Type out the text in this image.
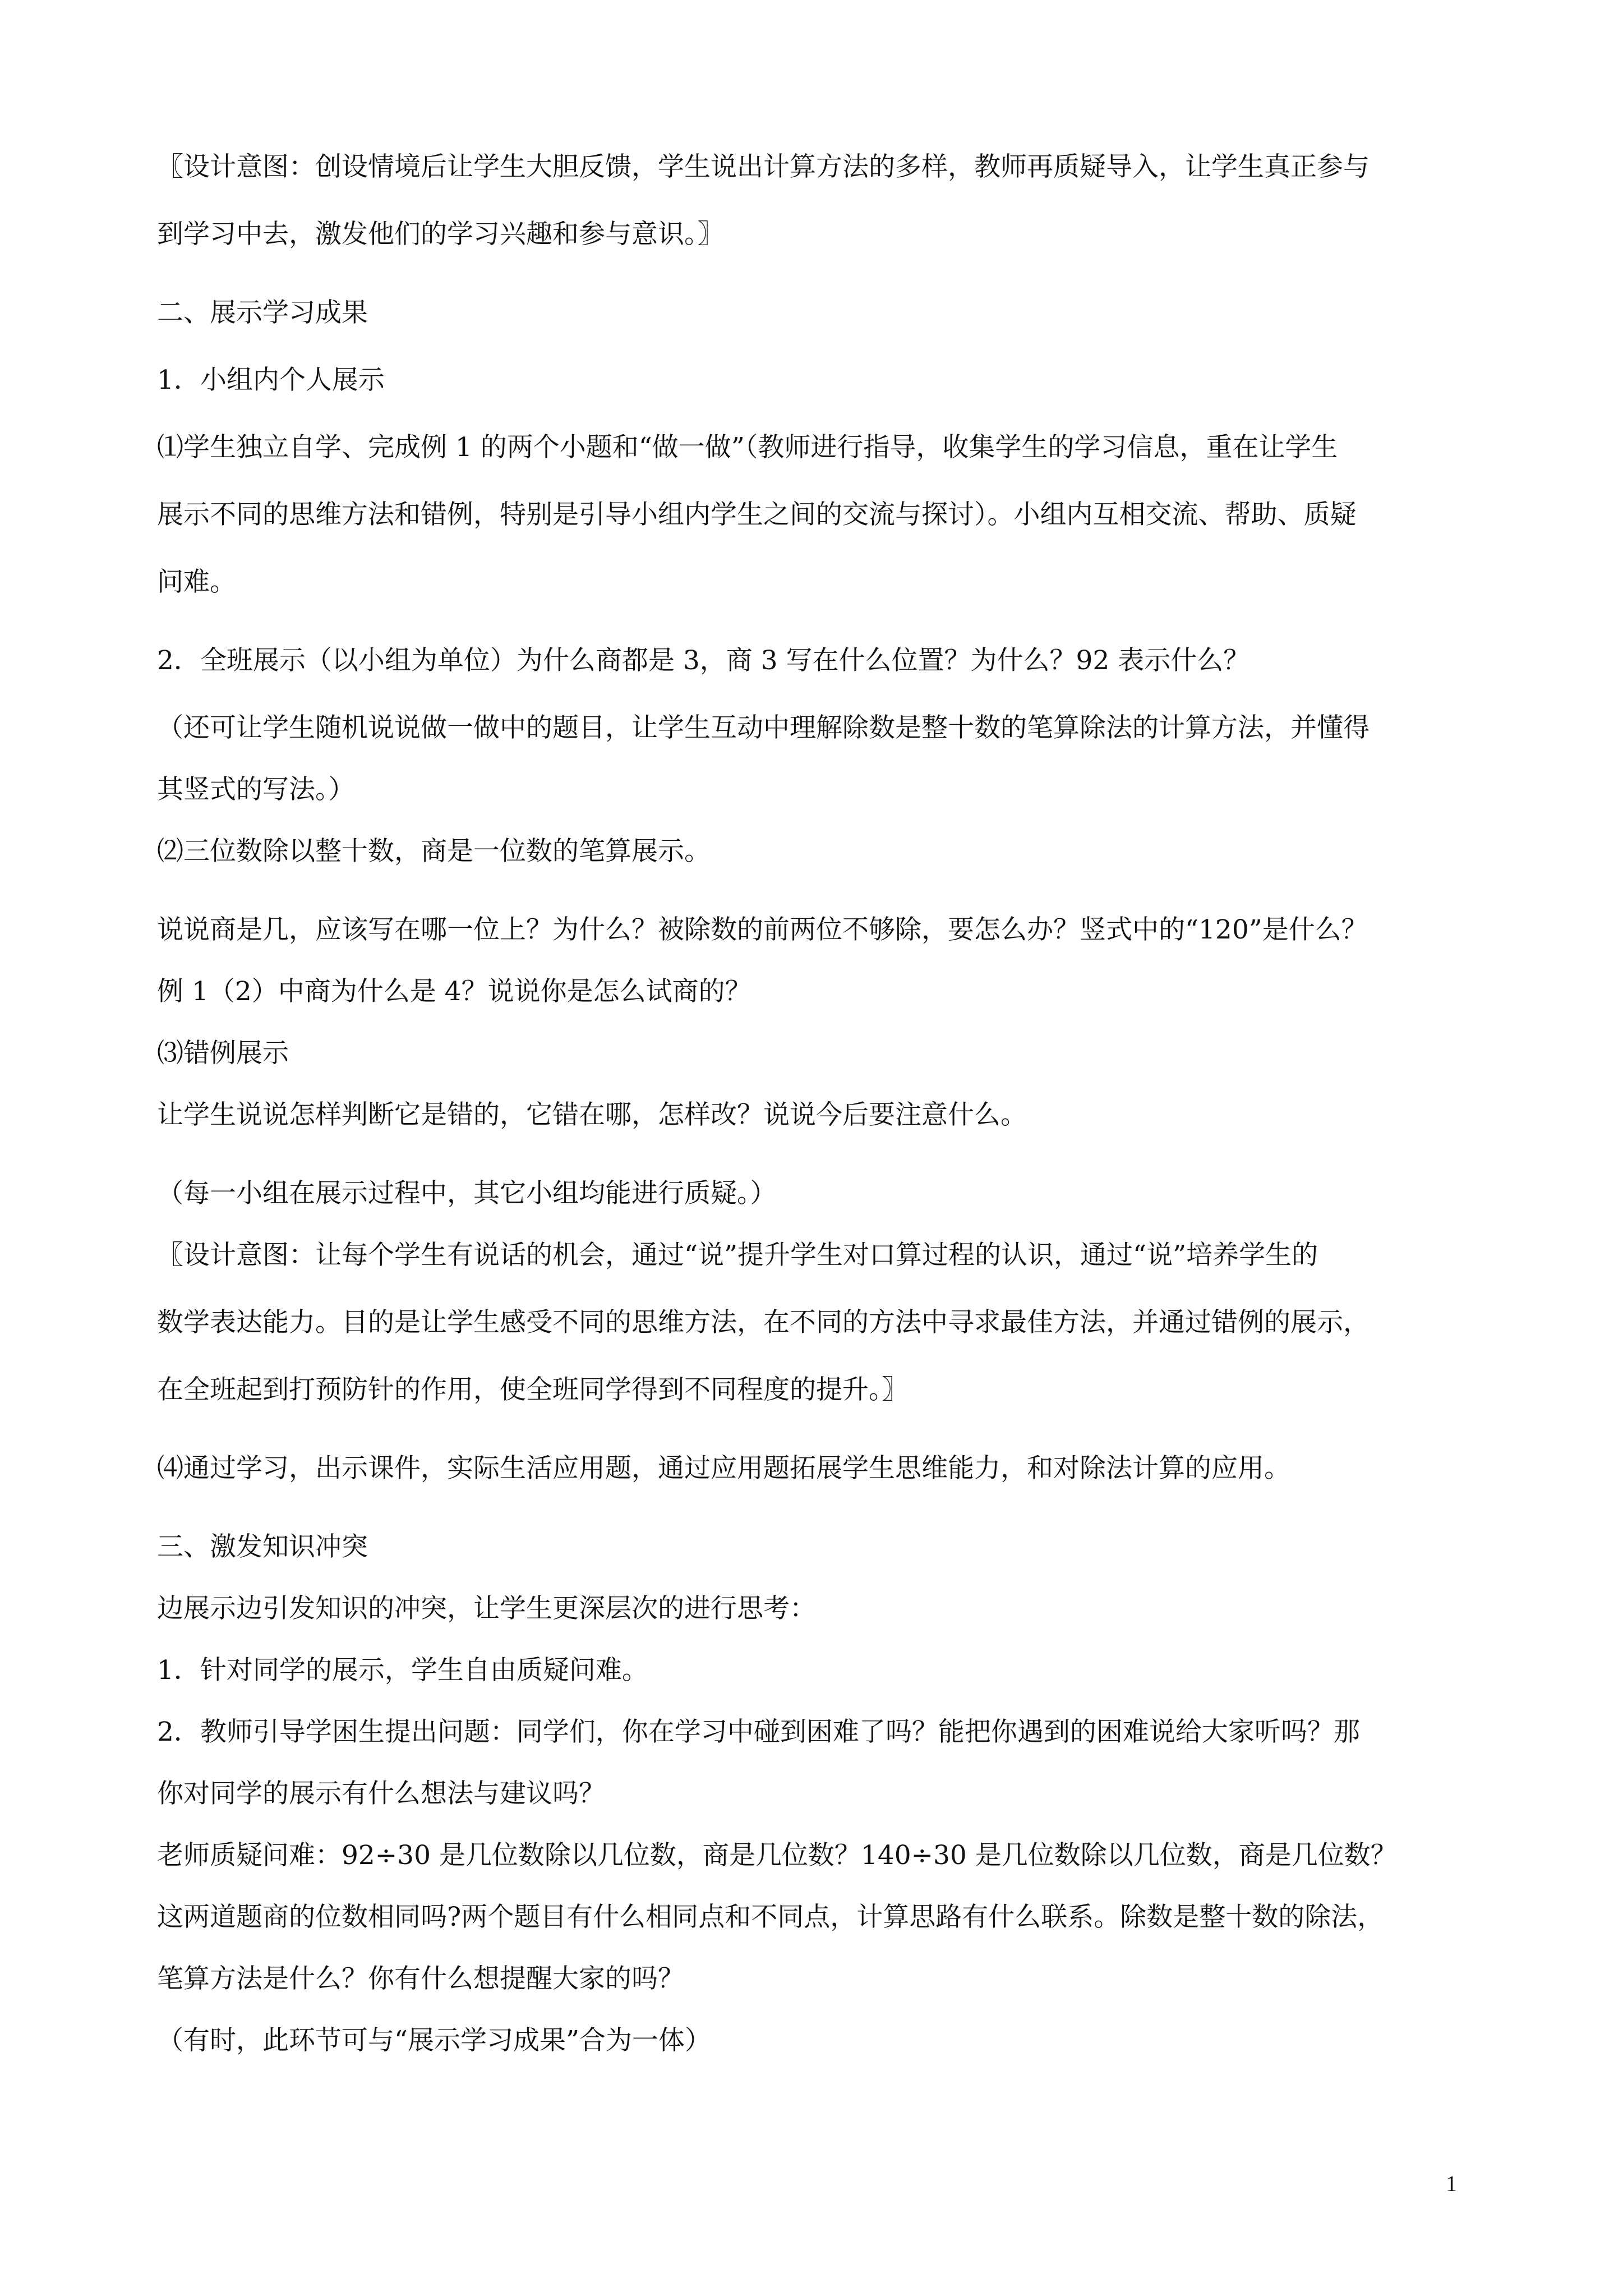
〖设计意图：创设情境后让学生大胆反馈，学生说出计算方法的多样，教师再质疑导入，让学生真正参与

到学习中去，激发他们的学习兴趣和参与意识。〗

二、展示学习成果

1．小组内个人展示

⑴学生独立自学、完成例 1 的两个小题和“做一做”（教师进行指导，收集学生的学习信息，重在让学生

展示不同的思维方法和错例，特别是引导小组内学生之间的交流与探讨）。小组内互相交流、帮助、质疑

问难。

2．全班展示（以小组为单位）为什么商都是 3，商 3 写在什么位置？为什么？92 表示什么？

（还可让学生随机说说做一做中的题目，让学生互动中理解除数是整十数的笔算除法的计算方法，并懂得

其竖式的写法。）

⑵三位数除以整十数，商是一位数的笔算展示。

说说商是几，应该写在哪一位上？为什么？被除数的前两位不够除，要怎么办？竖式中的“120”是什么？

例 1（2）中商为什么是 4？说说你是怎么试商的？

⑶错例展示

让学生说说怎样判断它是错的，它错在哪，怎样改？说说今后要注意什么。

（每一小组在展示过程中，其它小组均能进行质疑。）

〖设计意图：让每个学生有说话的机会，通过“说”提升学生对口算过程的认识，通过“说”培养学生的

数学表达能力。目的是让学生感受不同的思维方法，在不同的方法中寻求最佳方法，并通过错例的展示，

在全班起到打预防针的作用，使全班同学得到不同程度的提升。〗

⑷通过学习，出示课件，实际生活应用题，通过应用题拓展学生思维能力，和对除法计算的应用。

三、激发知识冲突

边展示边引发知识的冲突，让学生更深层次的进行思考：

1．针对同学的展示，学生自由质疑问难。

2．教师引导学困生提出问题：同学们，你在学习中碰到困难了吗？能把你遇到的困难说给大家听吗？那

你对同学的展示有什么想法与建议吗？

老师质疑问难：92÷30 是几位数除以几位数，商是几位数？140÷30 是几位数除以几位数，商是几位数？

这两道题商的位数相同吗?两个题目有什么相同点和不同点，计算思路有什么联系。除数是整十数的除法，

笔算方法是什么？你有什么想提醒大家的吗？

（有时，此环节可与“展示学习成果”合为一体）

1
